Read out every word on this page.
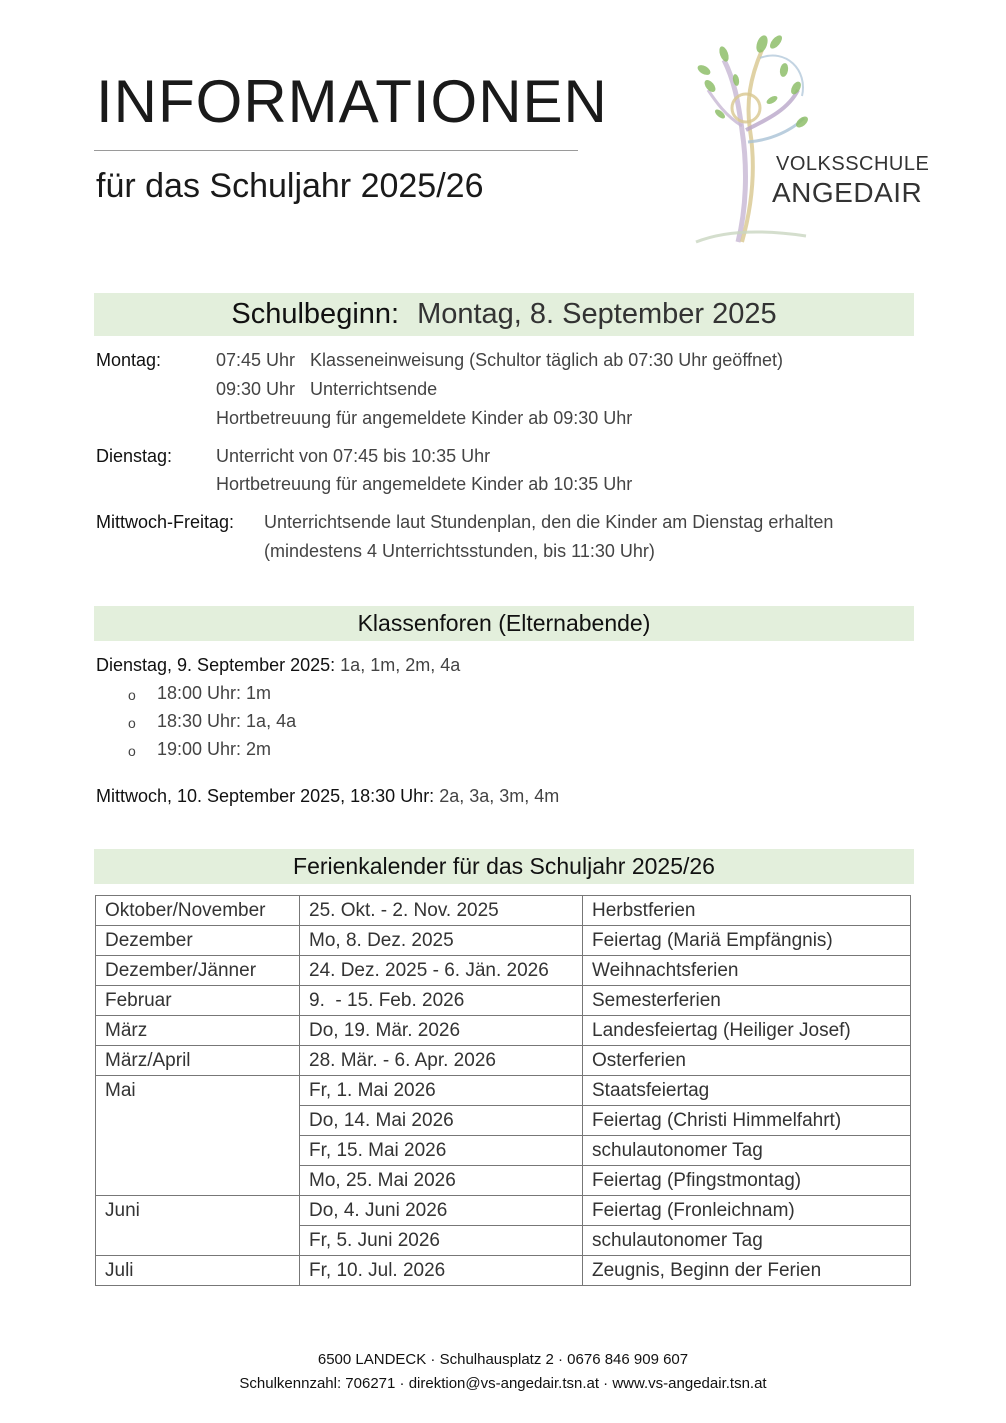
INFORMATIONEN
für das Schuljahr 2025/26
VOLKSSCHULE
ANGEDAIR
Schulbeginn: Montag, 8. September 2025
Montag:	07:45 Uhr   Klasseneinweisung (Schultor täglich ab 07:30 Uhr geöffnet)
09:30 Uhr   Unterrichtsende
Hortbetreuung für angemeldete Kinder ab 09:30 Uhr
Dienstag: Unterricht von 07:45 bis 10:35 Uhr
Hortbetreuung für angemeldete Kinder ab 10:35 Uhr
Mittwoch-Freitag: Unterrichtsende laut Stundenplan, den die Kinder am Dienstag erhalten
(mindestens 4 Unterrichtsstunden, bis 11:30 Uhr)
Klassenforen (Elternabende)
Dienstag, 9. September 2025: 1a, 1m, 2m, 4a
o 18:00 Uhr: 1m
o 18:30 Uhr: 1a, 4a
o 19:00 Uhr: 2m
Mittwoch, 10. September 2025, 18:30 Uhr: 2a, 3a, 3m, 4m
Ferienkalender für das Schuljahr 2025/26
Oktober/November	25. Okt. - 2. Nov. 2025	Herbstferien
Dezember	Mo, 8. Dez. 2025	Feiertag (Mariä Empfängnis)
Dezember/Jänner	24. Dez. 2025 - 6. Jän. 2026	Weihnachtsferien
Februar	9.  - 15. Feb. 2026	Semesterferien
März	Do, 19. Mär. 2026	Landesfeiertag (Heiliger Josef)
März/April	28. Mär. - 6. Apr. 2026	Osterferien
Mai	Fr, 1. Mai 2026	Staatsfeiertag
	Do, 14. Mai 2026	Feiertag (Christi Himmelfahrt)
	Fr, 15. Mai 2026	schulautonomer Tag
	Mo, 25. Mai 2026	Feiertag (Pfingstmontag)
Juni	Do, 4. Juni 2026	Feiertag (Fronleichnam)
	Fr, 5. Juni 2026	schulautonomer Tag
Juli	Fr, 10. Jul. 2026	Zeugnis, Beginn der Ferien
6500 LANDECK · Schulhausplatz 2 · 0676 846 909 607
Schulkennzahl: 706271 · direktion@vs-angedair.tsn.at · www.vs-angedair.tsn.at
